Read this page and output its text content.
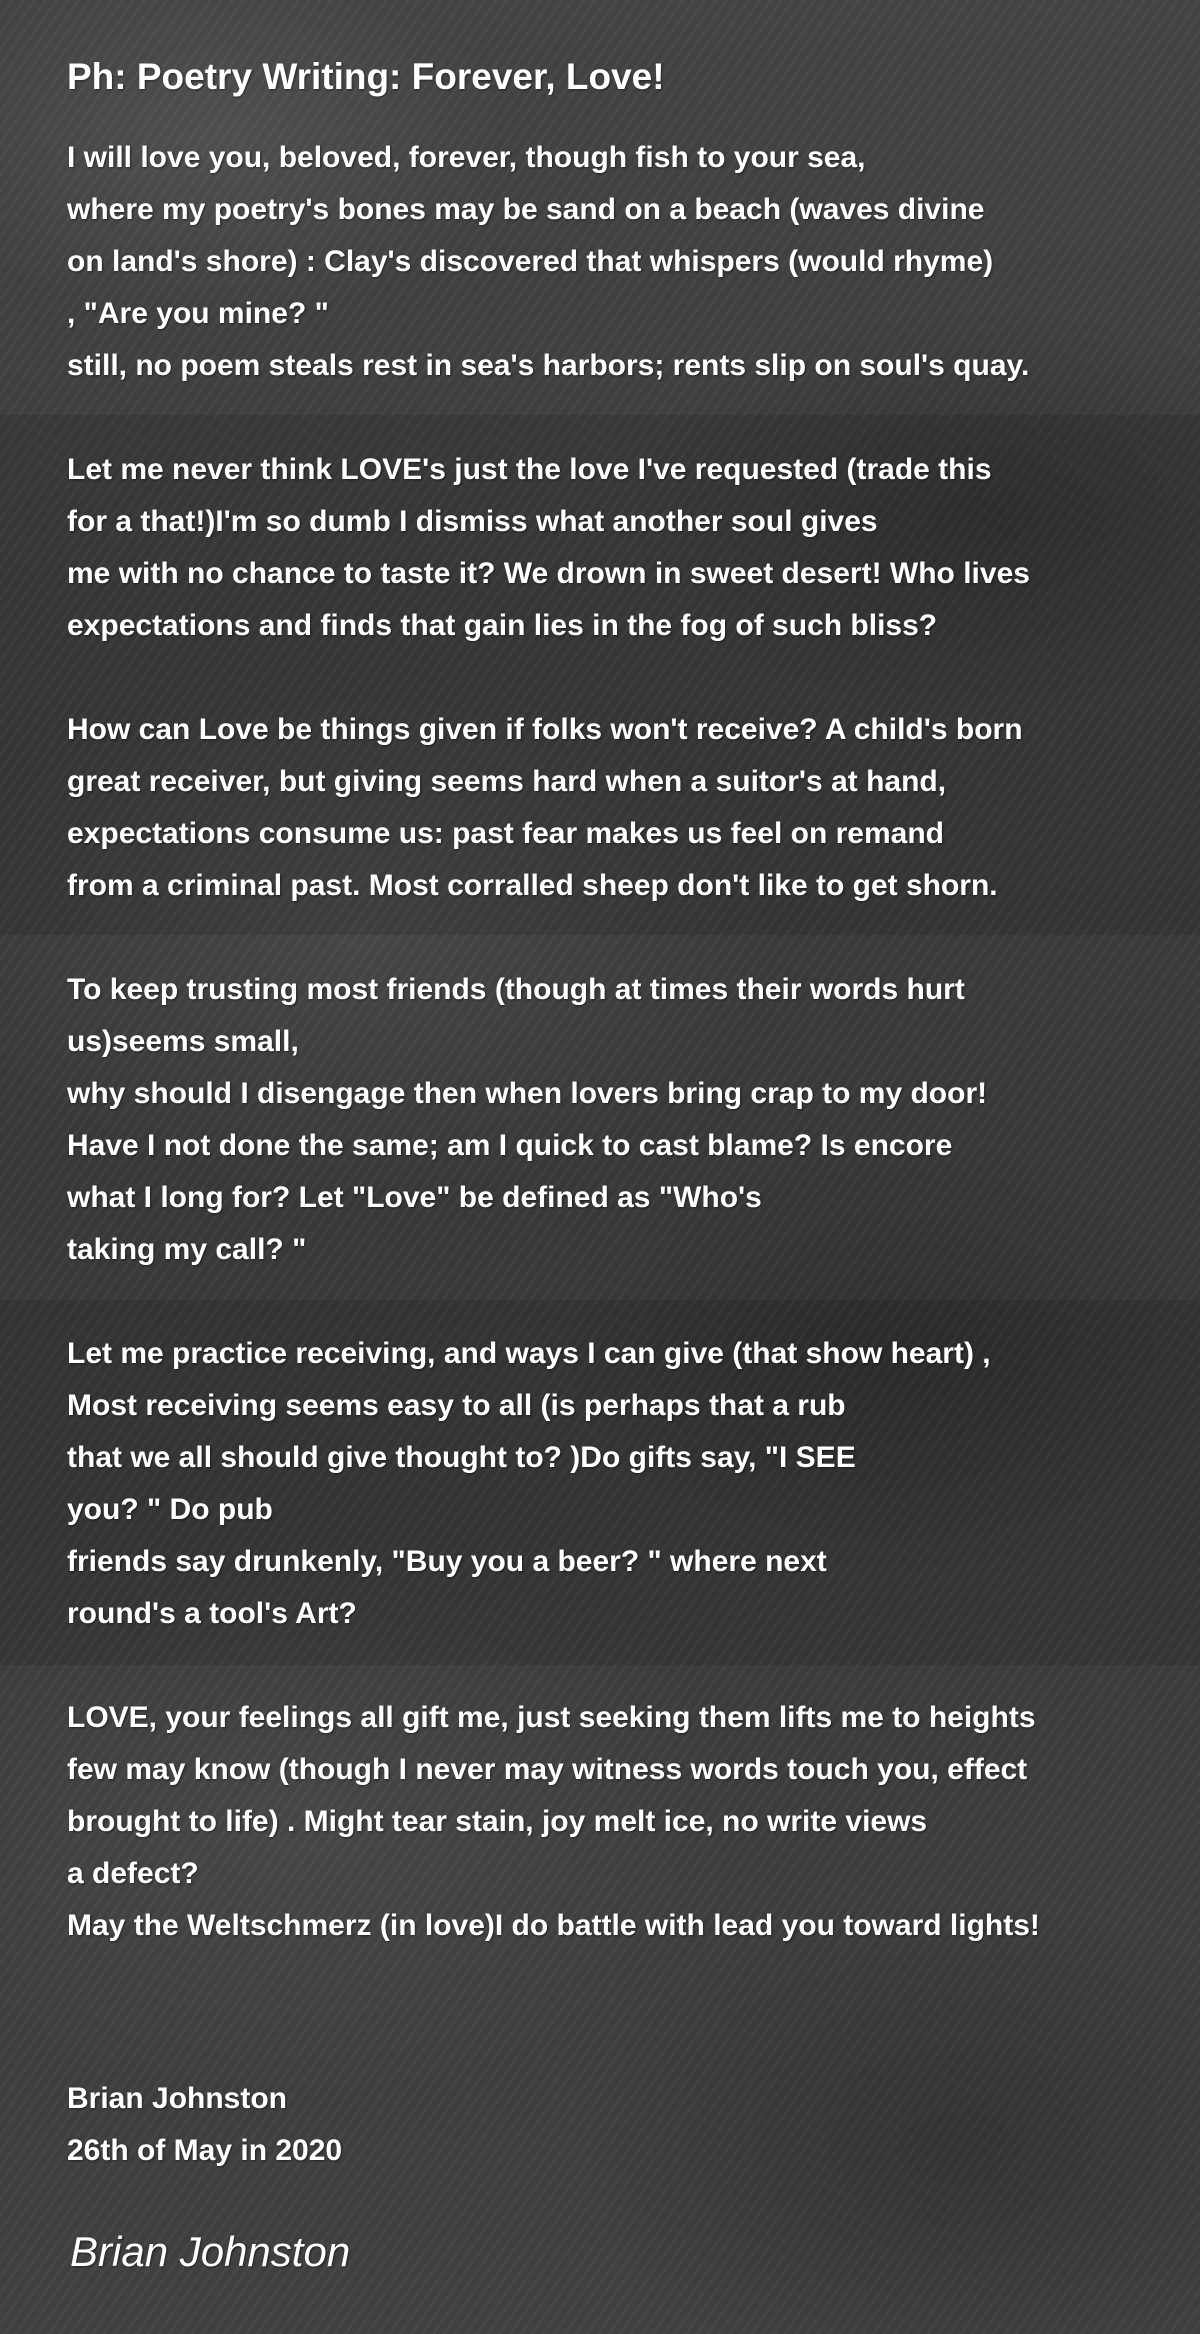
Ph: Poetry Writing: Forever, Love!
I will love you, beloved, forever, though fish to your sea,
where my poetry's bones may be sand on a beach (waves divine
on land's shore) : Clay's discovered that whispers (would rhyme)
, "Are you mine? "
still, no poem steals rest in sea's harbors; rents slip on soul's quay.
Let me never think LOVE's just the love I've requested (trade this
for a that!)I'm so dumb I dismiss what another soul gives
me with no chance to taste it? We drown in sweet desert! Who lives
expectations and finds that gain lies in the fog of such bliss?
How can Love be things given if folks won't receive? A child's born
great receiver, but giving seems hard when a suitor's at hand,
expectations consume us: past fear makes us feel on remand
from a criminal past. Most corralled sheep don't like to get shorn.
To keep trusting most friends (though at times their words hurt
us)seems small,
why should I disengage then when lovers bring crap to my door!
Have I not done the same; am I quick to cast blame? Is encore
what I long for? Let "Love" be defined as "Who's
taking my call? "
Let me practice receiving, and ways I can give (that show heart) ,
Most receiving seems easy to all (is perhaps that a rub
that we all should give thought to? )Do gifts say, "I SEE
you? " Do pub
friends say drunkenly, "Buy you a beer? " where next
round's a tool's Art?
LOVE, your feelings all gift me, just seeking them lifts me to heights
few may know (though I never may witness words touch you, effect
brought to life) . Might tear stain, joy melt ice, no write views
a defect?
May the Weltschmerz (in love)I do battle with lead you toward lights!
Brian Johnston
26th of May in 2020
Brian Johnston
